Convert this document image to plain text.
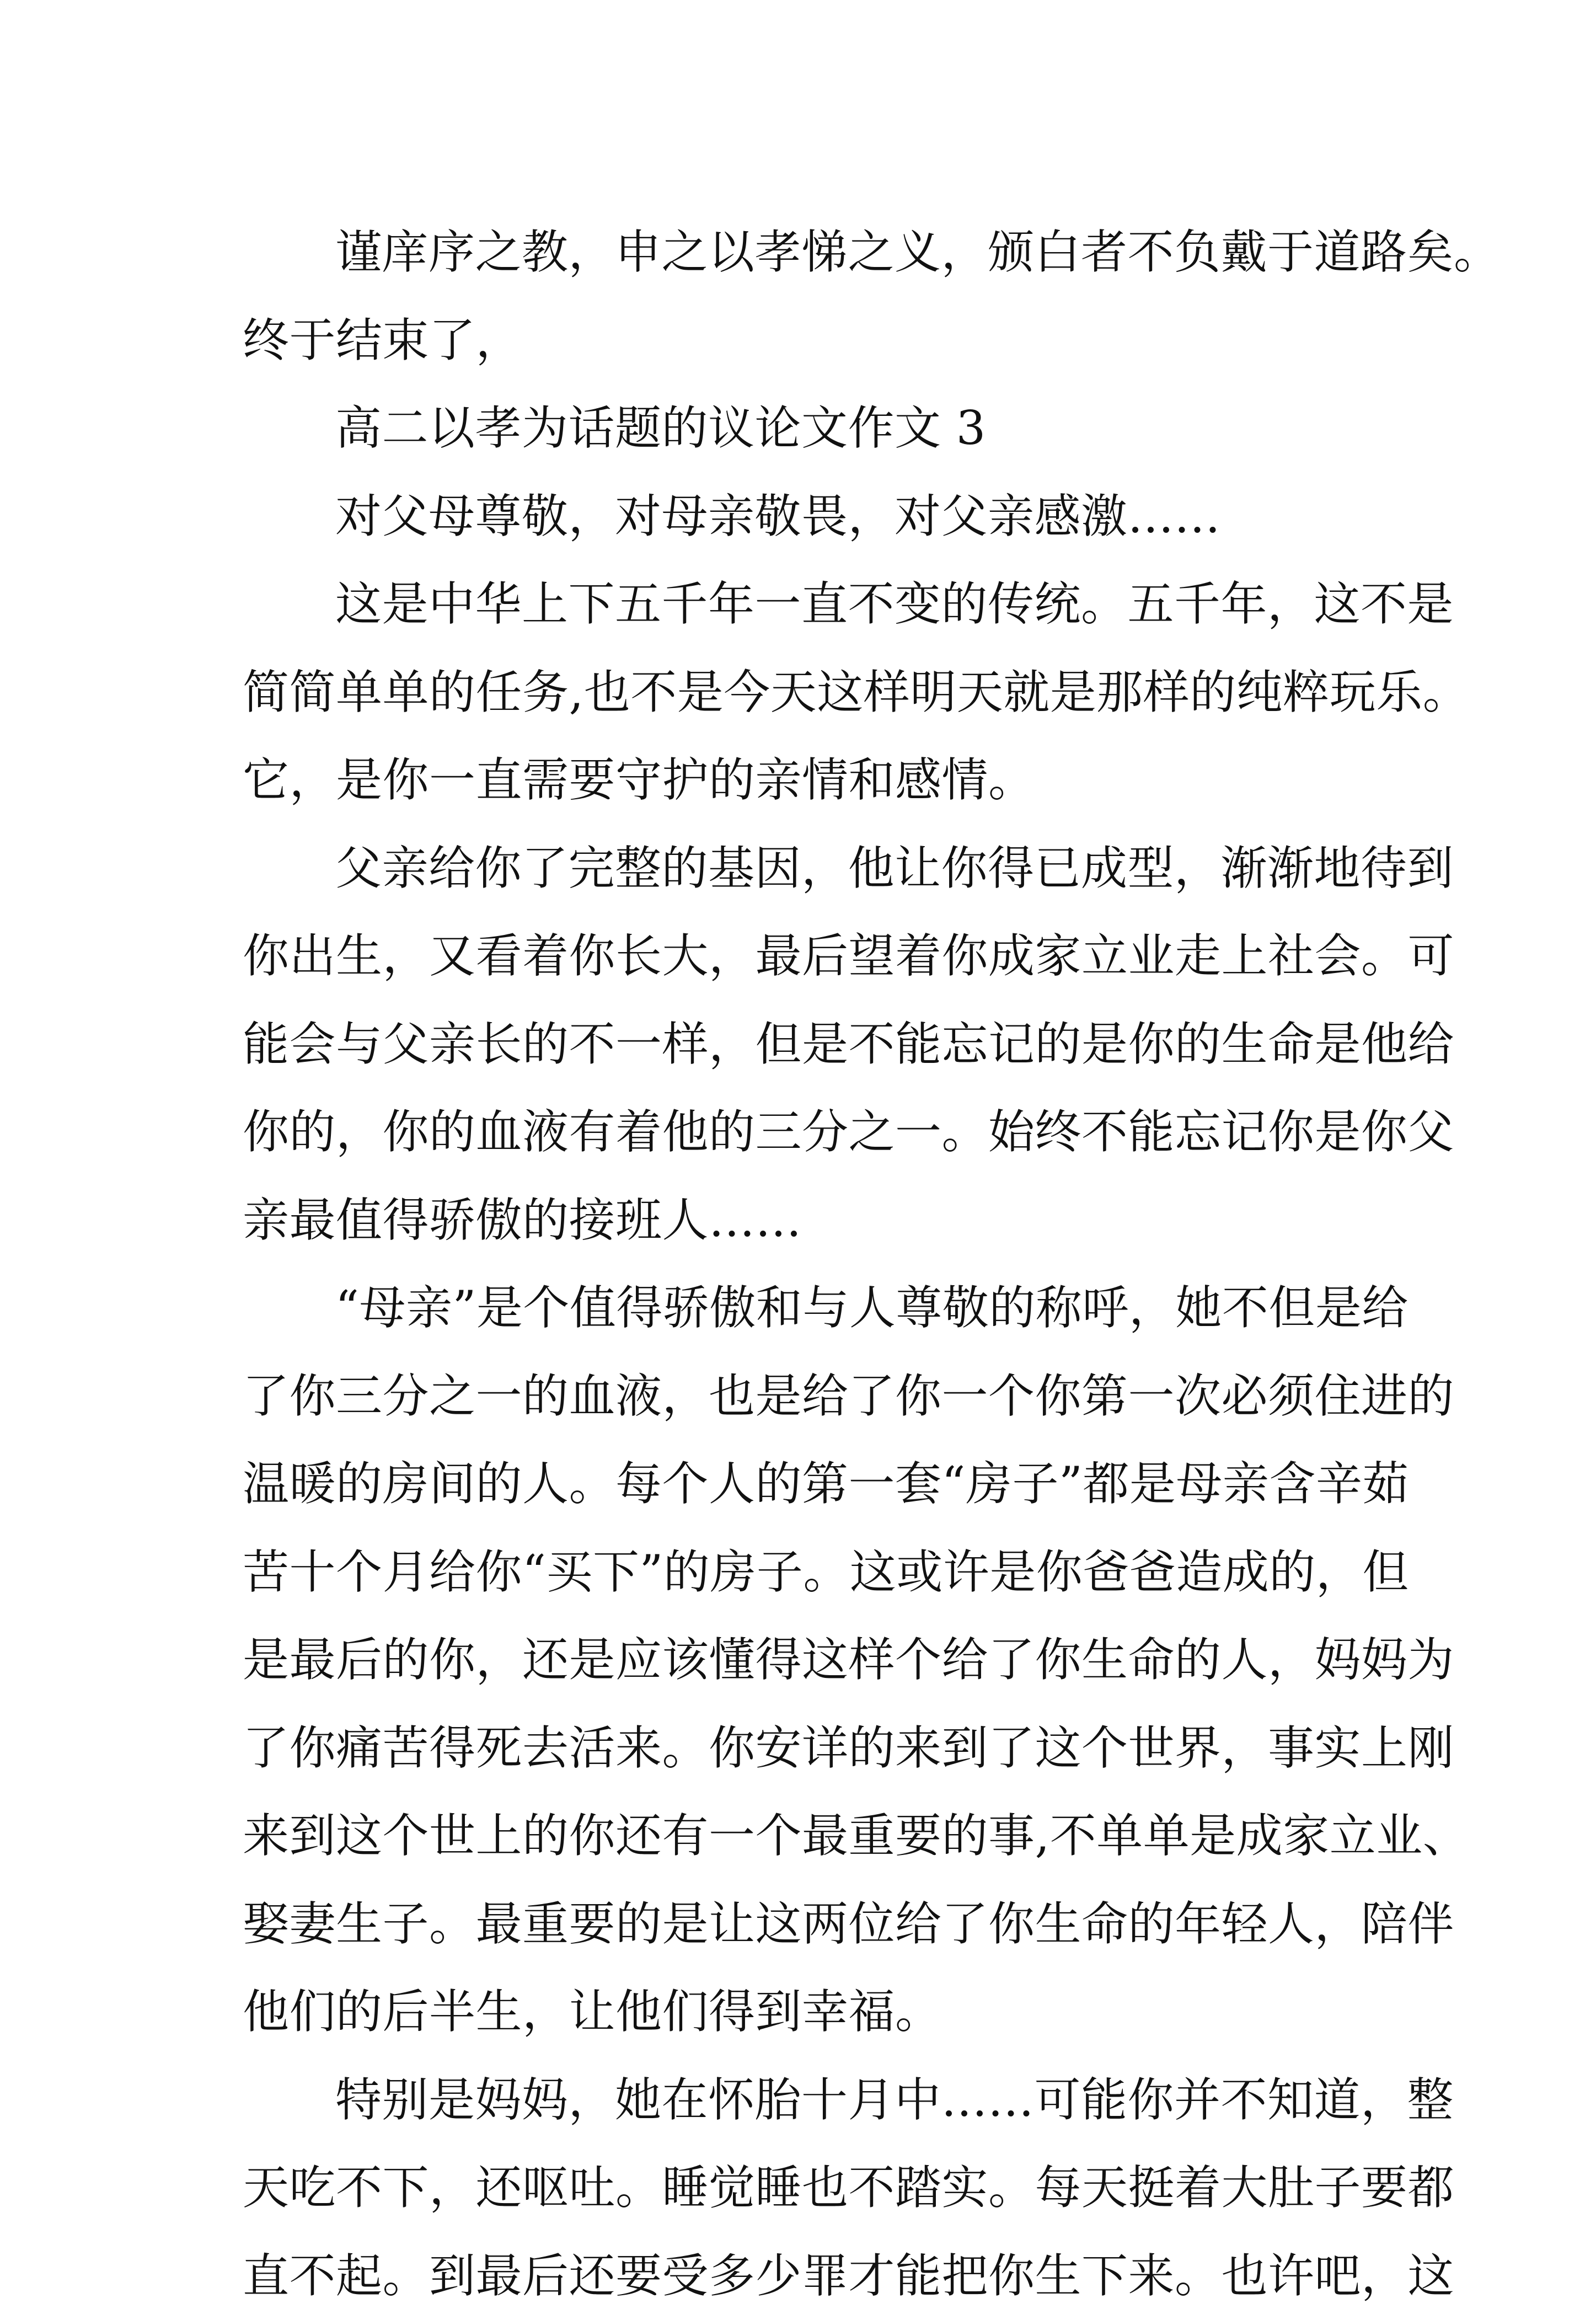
谨庠序之教，申之以孝悌之义，颁白者不负戴于道路矣。
终于结束了，
高二以孝为话题的议论文作文 3
对父母尊敬，对母亲敬畏，对父亲感激……
这是中华上下五千年一直不变的传统。五千年，这不是
简简单单的任务,也不是今天这样明天就是那样的纯粹玩乐。
它，是你一直需要守护的亲情和感情。
父亲给你了完整的基因，他让你得已成型，渐渐地待到
你出生，又看着你长大，最后望着你成家立业走上社会。可
能会与父亲长的不一样，但是不能忘记的是你的生命是他给
你的，你的血液有着他的三分之一。始终不能忘记你是你父
亲最值得骄傲的接班人……
“母亲”是个值得骄傲和与人尊敬的称呼，她不但是给
了你三分之一的血液，也是给了你一个你第一次必须住进的
温暖的房间的人。每个人的第一套“房子”都是母亲含辛茹
苦十个月给你“买下”的房子。这或许是你爸爸造成的，但
是最后的你，还是应该懂得这样个给了你生命的人，妈妈为
了你痛苦得死去活来。你安详的来到了这个世界，事实上刚
来到这个世上的你还有一个最重要的事,不单单是成家立业、
娶妻生子。最重要的是让这两位给了你生命的年轻人，陪伴
他们的后半生，让他们得到幸福。
特别是妈妈，她在怀胎十月中……可能你并不知道，整
天吃不下，还呕吐。睡觉睡也不踏实。每天挺着大肚子要都
直不起。到最后还要受多少罪才能把你生下来。也许吧，这
